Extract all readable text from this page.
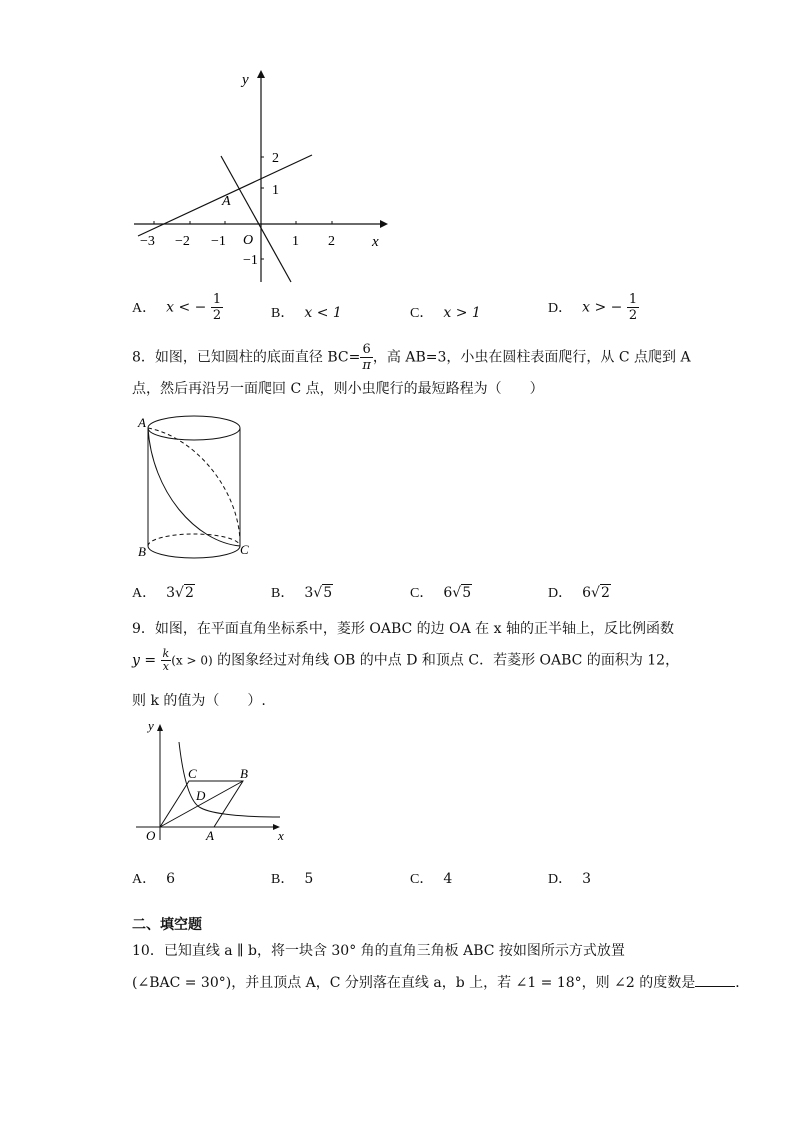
y
x
O
A
−3 −2 −1	1 2
2
1
−1
A． x < − $\frac{1}{2}$	B． x < 1	C． x > 1	D． x > − $\frac{1}{2}$
8．如图，已知圆柱的底面直径 $BC= \frac{6}{\pi}$ ，高 AB=3，小虫在圆柱表面爬行，从 C 点爬到 A
点，然后再沿另一面爬回 C 点，则小虫爬行的最短路程为（　　）
A
B	C
A． 3√2	B． 3√5	C． 6√5	D． 6√2
9．如图，在平面直角坐标系中，菱形 OABC 的边 OA 在 x 轴的正半轴上，反比例函数
$y = \frac{k}{x} (x > 0)$ 的图象经过对角线 OB 的中点 D 和顶点 C．若菱形 OABC 的面积为 12，
则 k 的值为（　　）.
y
x
O	A
B
C
D
A． 6	B． 5	C． 4	D． 3
二、填空题
10．已知直线 a ∥ b，将一块含 30° 角的直角三角板 ABC 按如图所示方式放置
(∠BAC = 30°)，并且顶点 A，C 分别落在直线 a，b 上，若 ∠1 = 18°，则 ∠2 的度数是	．
